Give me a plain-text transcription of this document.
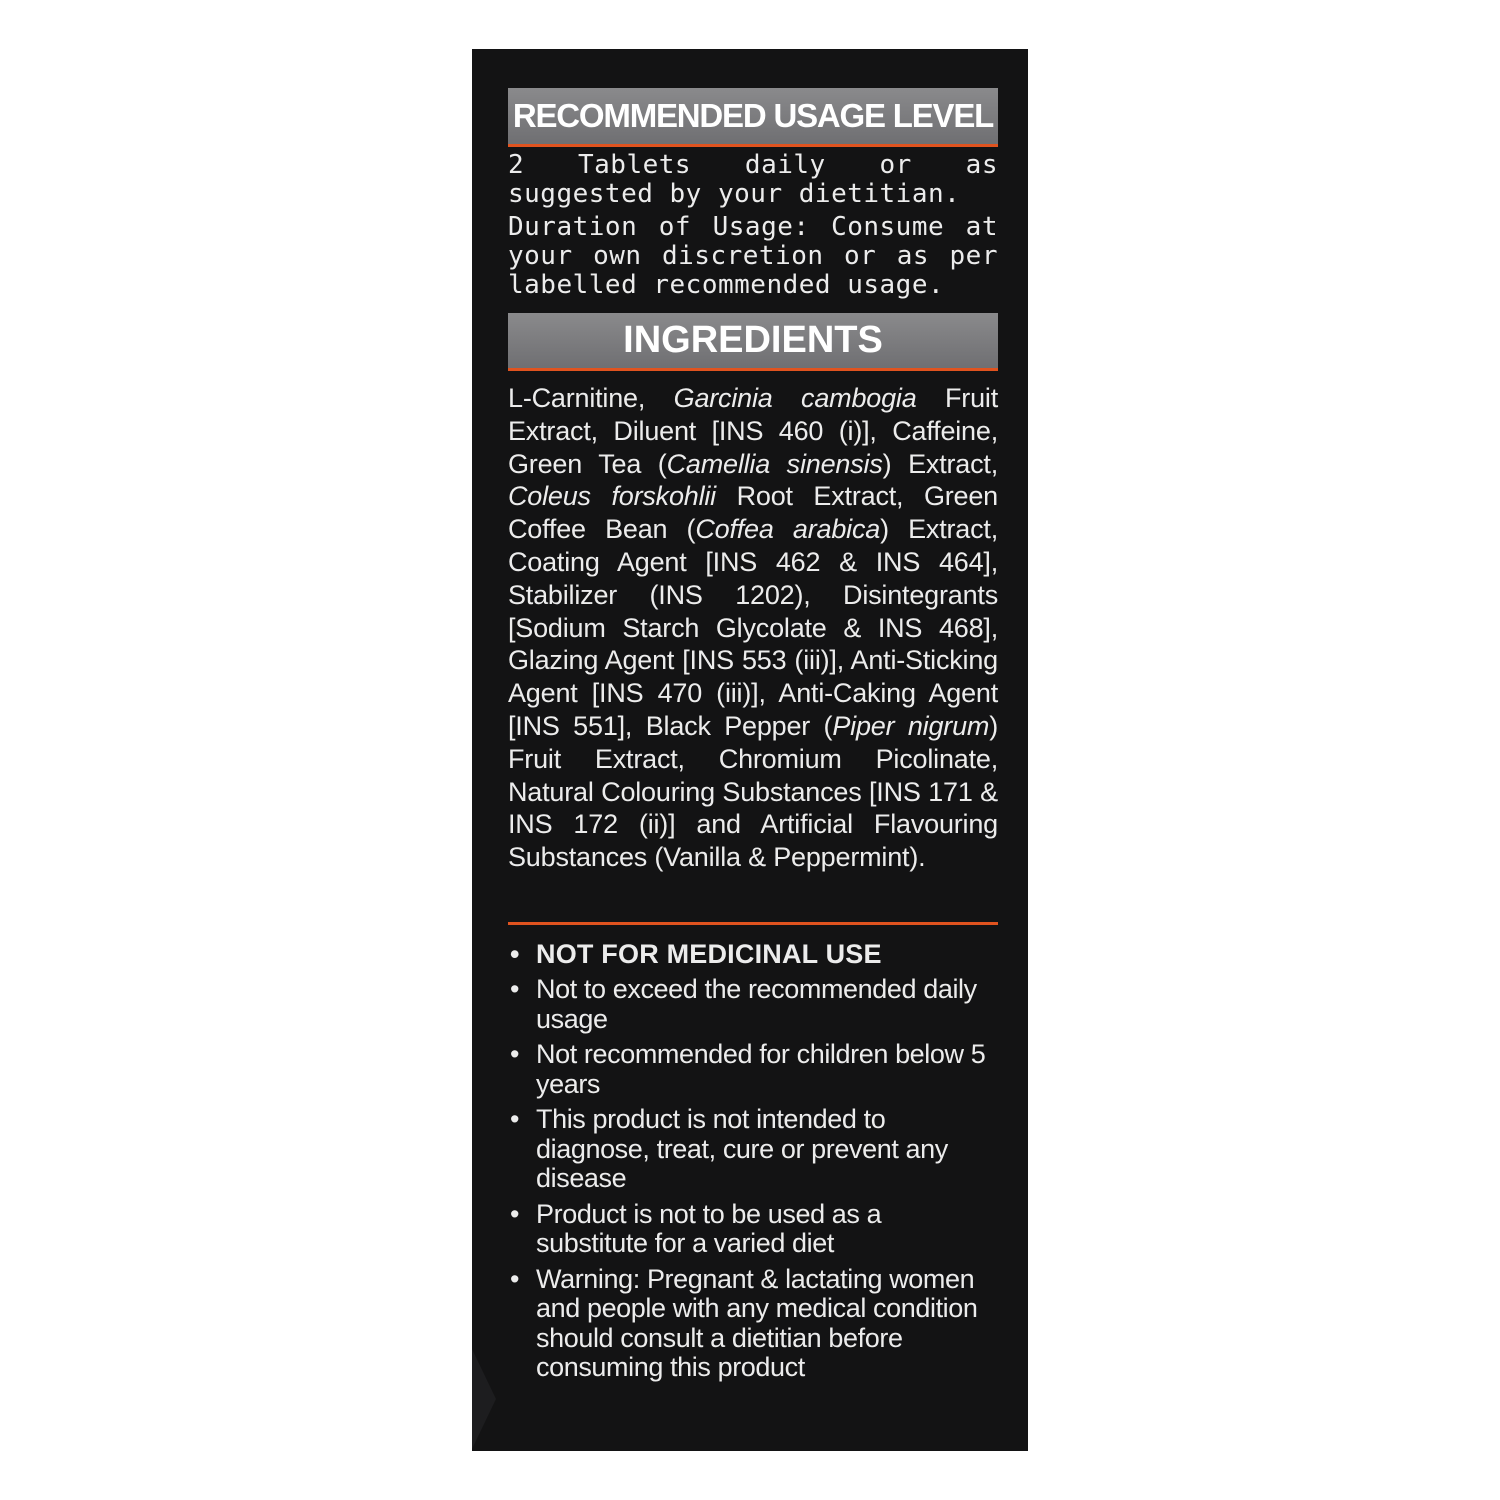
RECOMMENDED USAGE LEVEL

2 Tablets daily or as suggested by your dietitian.

Duration of Usage: Consume at your own discretion or as per labelled recommended usage.

INGREDIENTS

L-Carnitine, Garcinia cambogia Fruit Extract, Diluent [INS 460 (i)], Caffeine, Green Tea (Camellia sinensis) Extract, Coleus forskohlii Root Extract, Green Coffee Bean (Coffea arabica) Extract, Coating Agent [INS 462 & INS 464], Stabilizer (INS 1202), Disintegrants [Sodium Starch Glycolate & INS 468], Glazing Agent [INS 553 (iii)], Anti-Sticking Agent [INS 470 (iii)], Anti-Caking Agent [INS 551], Black Pepper (Piper nigrum) Fruit Extract, Chromium Picolinate, Natural Colouring Substances [INS 171 & INS 172 (ii)] and Artificial Flavouring Substances (Vanilla & Peppermint).

• NOT FOR MEDICINAL USE
• Not to exceed the recommended daily usage
• Not recommended for children below 5 years
• This product is not intended to diagnose, treat, cure or prevent any disease
• Product is not to be used as a substitute for a varied diet
• Warning: Pregnant & lactating women and people with any medical condition should consult a dietitian before consuming this product
